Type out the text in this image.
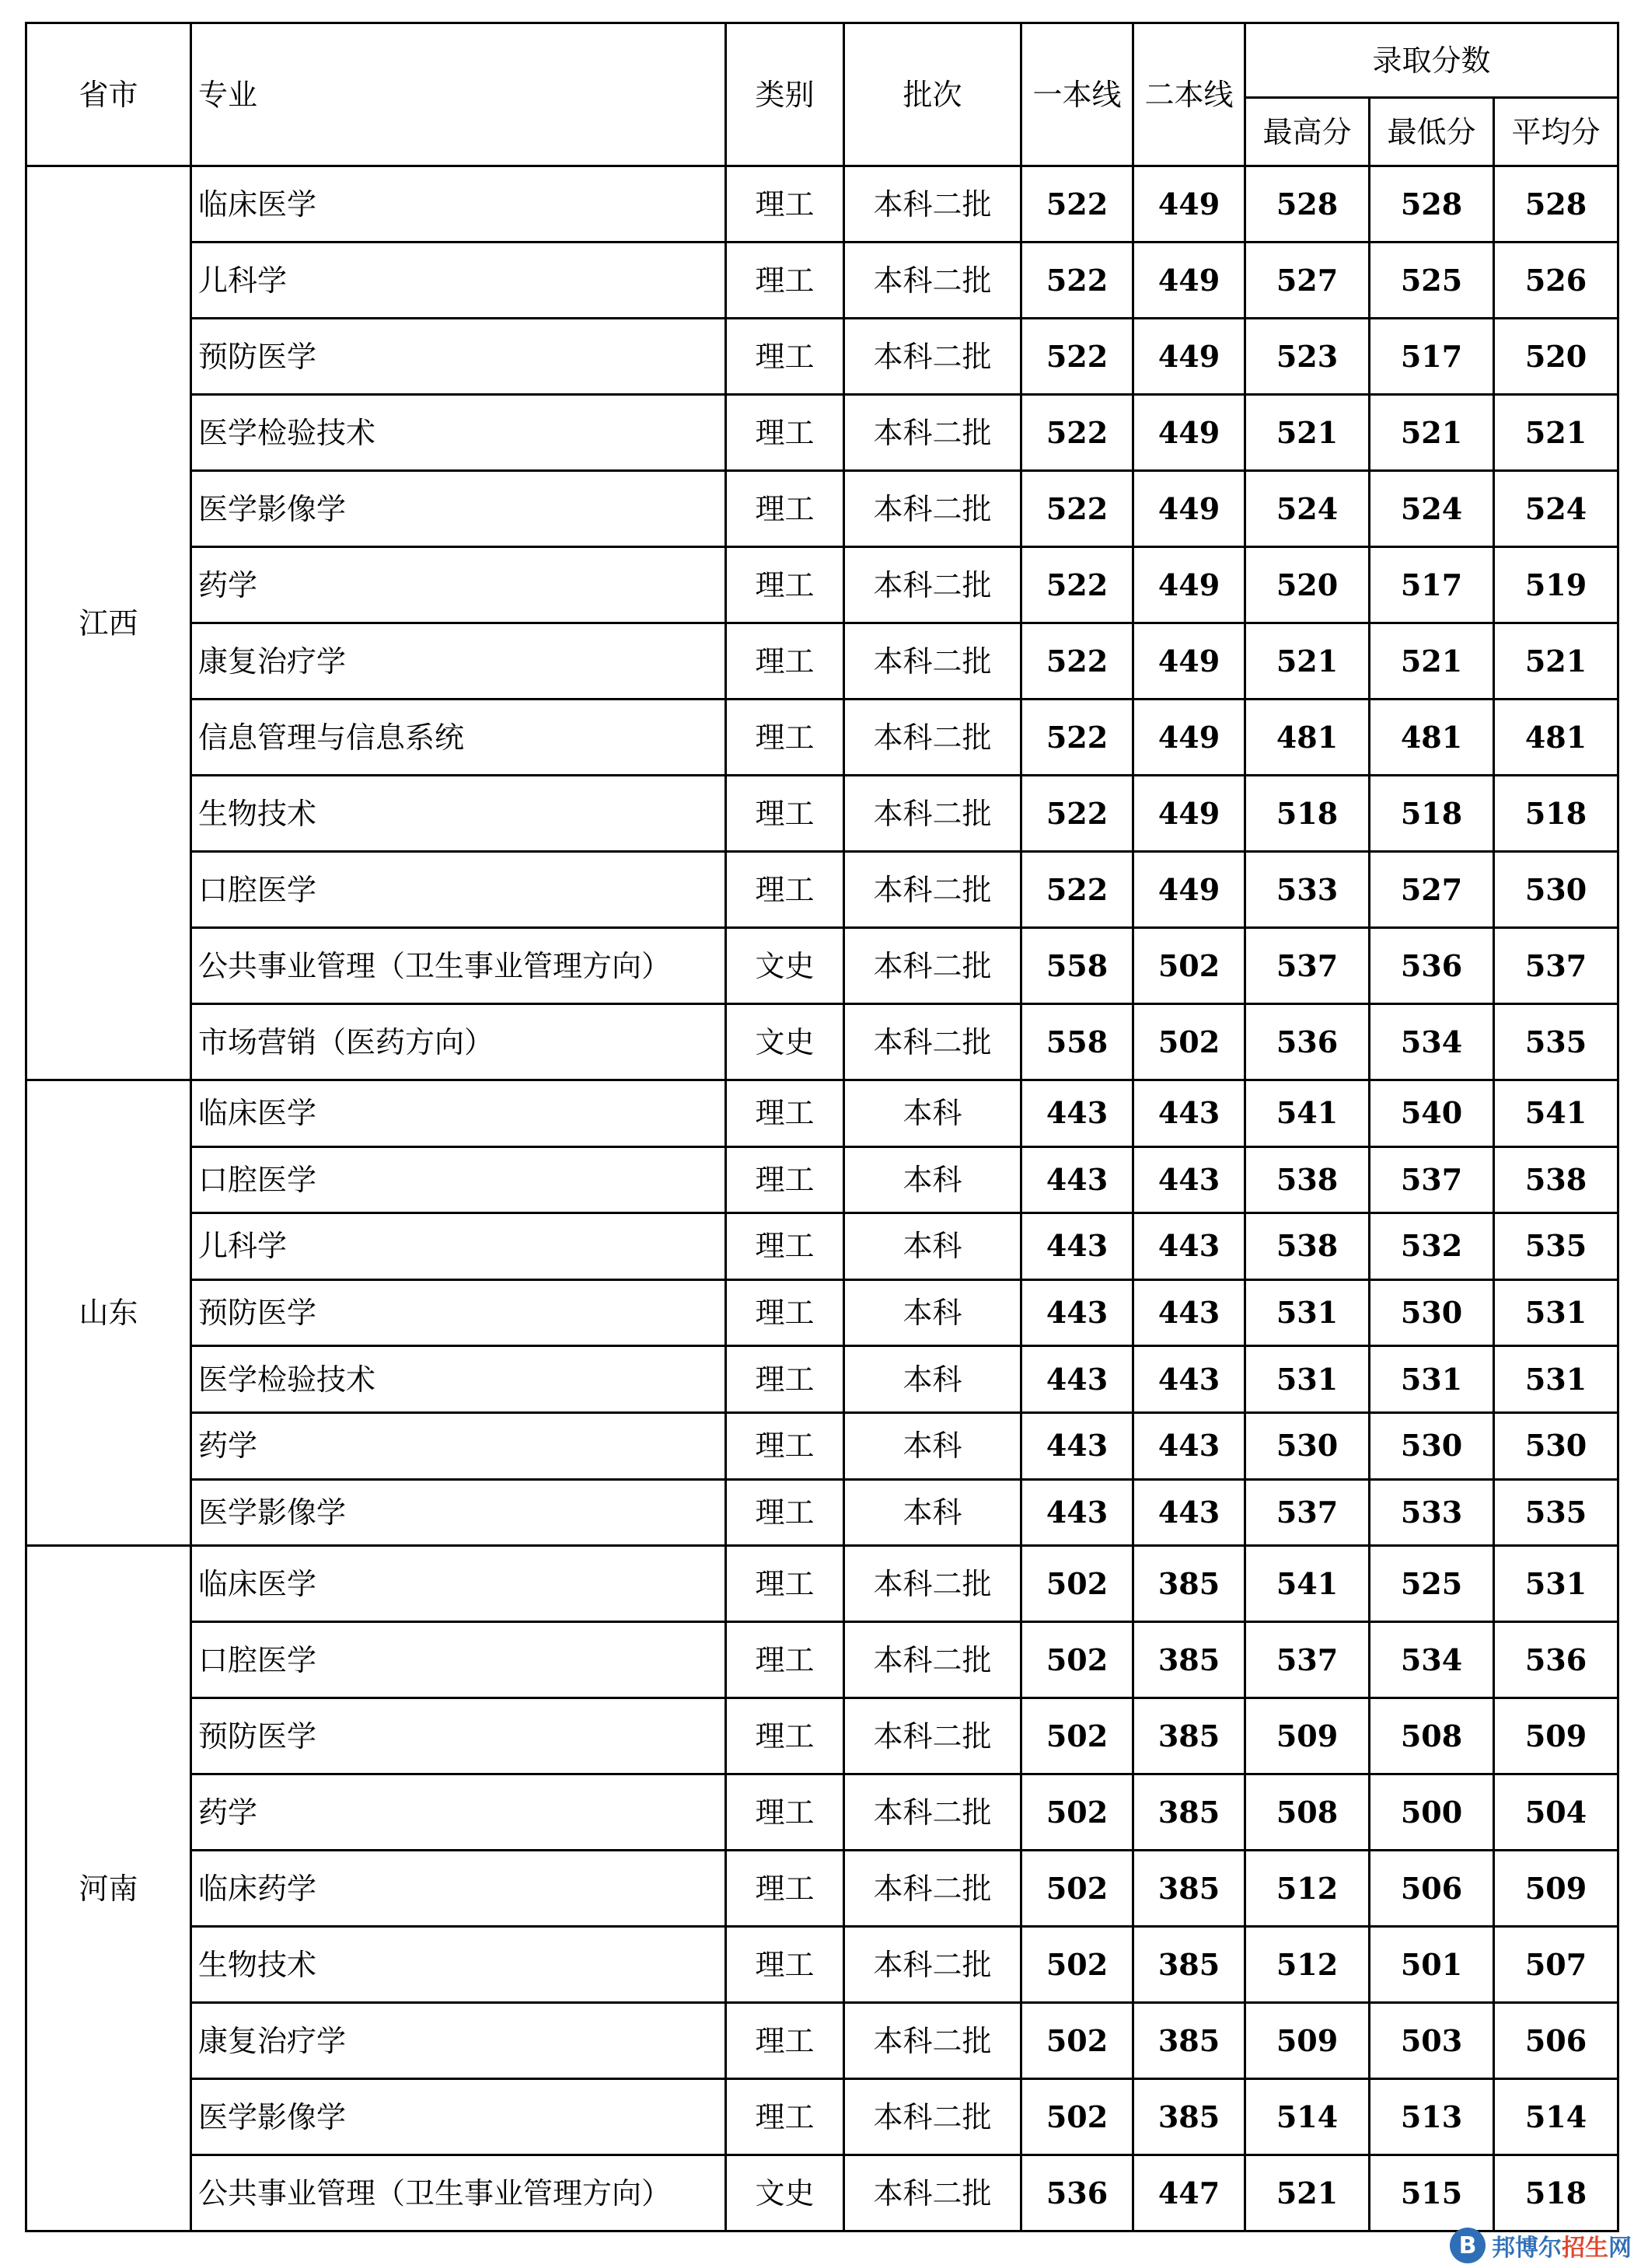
省市	专业	类别	批次	一本线	二本线	录取分数		
						最高分	最低分	平均分
江西	临床医学	理工	本科二批	522	449	528	528	528
	儿科学	理工	本科二批	522	449	527	525	526
	预防医学	理工	本科二批	522	449	523	517	520
	医学检验技术	理工	本科二批	522	449	521	521	521
	医学影像学	理工	本科二批	522	449	524	524	524
	药学	理工	本科二批	522	449	520	517	519
	康复治疗学	理工	本科二批	522	449	521	521	521
	信息管理与信息系统	理工	本科二批	522	449	481	481	481
	生物技术	理工	本科二批	522	449	518	518	518
	口腔医学	理工	本科二批	522	449	533	527	530
	公共事业管理（卫生事业管理方向）	文史	本科二批	558	502	537	536	537
	市场营销（医药方向）	文史	本科二批	558	502	536	534	535
山东	临床医学	理工	本科	443	443	541	540	541
	口腔医学	理工	本科	443	443	538	537	538
	儿科学	理工	本科	443	443	538	532	535
	预防医学	理工	本科	443	443	531	530	531
	医学检验技术	理工	本科	443	443	531	531	531
	药学	理工	本科	443	443	530	530	530
	医学影像学	理工	本科	443	443	537	533	535
河南	临床医学	理工	本科二批	502	385	541	525	531
	口腔医学	理工	本科二批	502	385	537	534	536
	预防医学	理工	本科二批	502	385	509	508	509
	药学	理工	本科二批	502	385	508	500	504
	临床药学	理工	本科二批	502	385	512	506	509
	生物技术	理工	本科二批	502	385	512	501	507
	康复治疗学	理工	本科二批	502	385	509	503	506
	医学影像学	理工	本科二批	502	385	514	513	514
	公共事业管理（卫生事业管理方向）	文史	本科二批	536	447	521	515	518
B 邦博尔招生网
